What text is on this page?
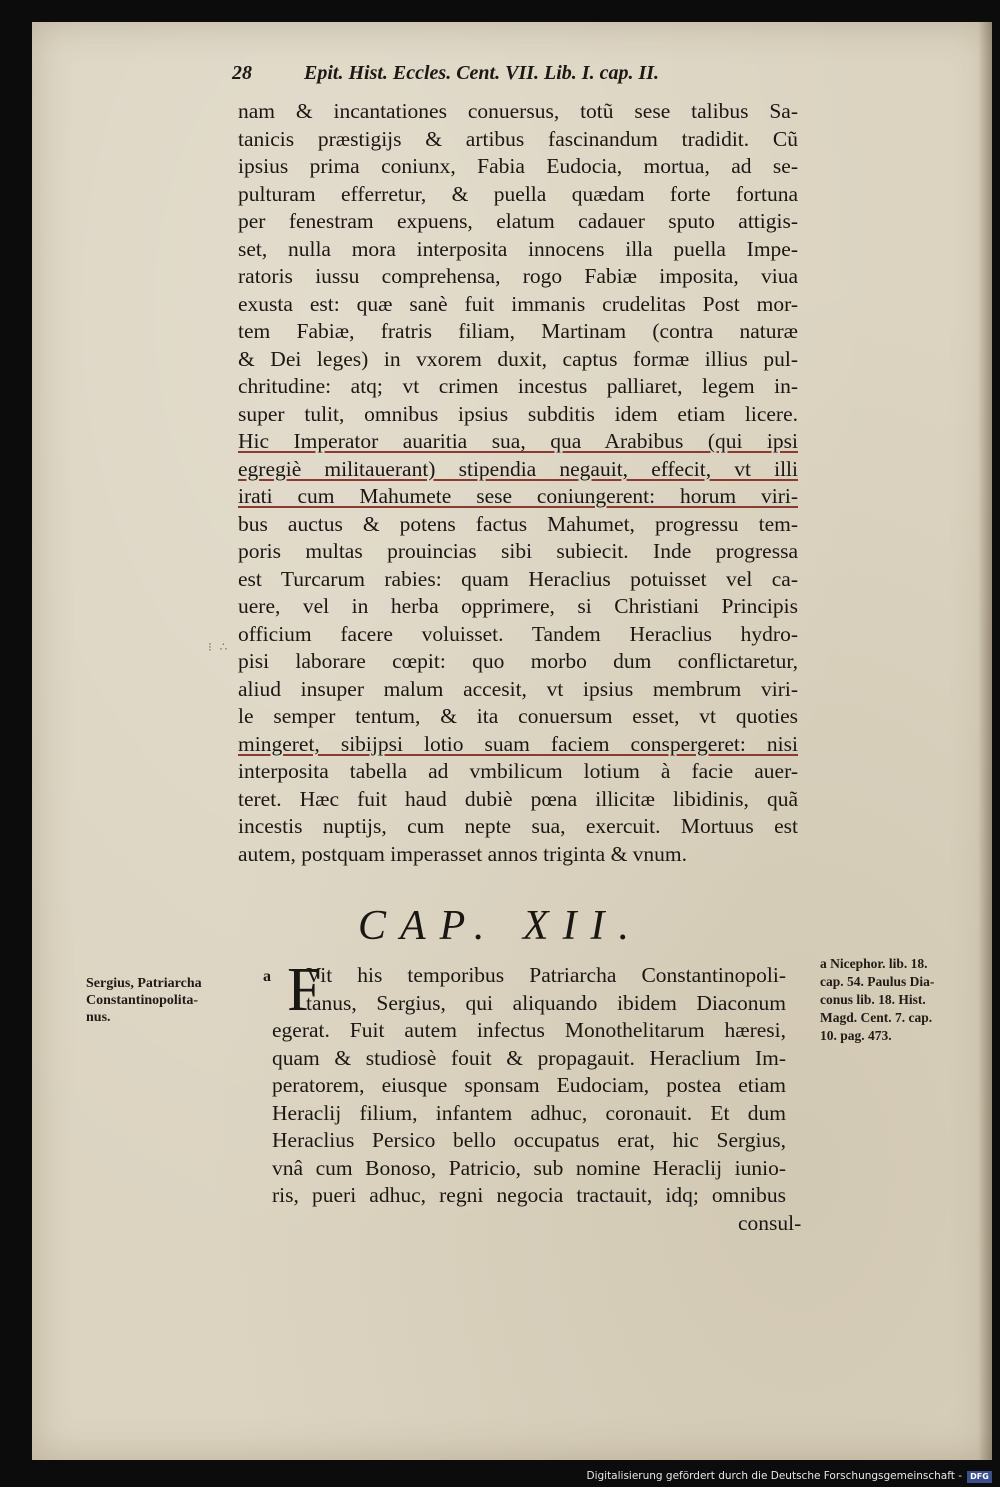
28	Epit. Hist. Eccles. Cent. VII. Lib. I. cap. II.
nam & incantationes conuersus, totũ sese talibus Sa-
tanicis præstigijs & artibus fascinandum tradidit. Cũ
ipsius prima coniunx, Fabia Eudocia, mortua, ad se-
pulturam efferretur, & puella quædam forte fortuna
per fenestram expuens, elatum cadauer sputo attigis-
set, nulla mora interposita innocens illa puella Impe-
ratoris iussu comprehensa, rogo Fabiæ imposita, viua
exusta est: quæ sanè fuit immanis crudelitas Post mor-
tem Fabiæ, fratris filiam, Martinam (contra naturæ
& Dei leges) in vxorem duxit, captus formæ illius pul-
chritudine: atq; vt crimen incestus palliaret, legem in-
super tulit, omnibus ipsius subditis idem etiam licere.
Hic Imperator auaritia sua, qua Arabibus (qui ipsi
egregiè militauerant) stipendia negauit, effecit, vt illi
irati cum Mahumete sese coniungerent: horum viri-
bus auctus & potens factus Mahumet, progressu tem-
poris multas prouincias sibi subiecit. Inde progressa
est Turcarum rabies: quam Heraclius potuisset vel ca-
uere, vel in herba opprimere, si Christiani Principis
officium facere voluisset. Tandem Heraclius hydro-
pisi laborare cœpit: quo morbo dum conflictaretur,
aliud insuper malum accesit, vt ipsius membrum viri-
le semper tentum, & ita conuersum esset, vt quoties
mingeret, sibijpsi lotio suam faciem conspergeret: nisi
interposita tabella ad vmbilicum lotium à facie auer-
teret. Hæc fuit haud dubiè pœna illicitæ libidinis, quã
incestis nuptijs, cum nepte sua, exercuit. Mortuus est
autem, postquam imperasset annos triginta & vnum.
⁝ ∴
CAP. XII.
Sergius, Patriarcha
Constantinopolita-
nus.
a F
Vit his temporibus Patriarcha Constantinopoli-
tanus, Sergius, qui aliquando ibidem Diaconum
egerat. Fuit autem infectus Monothelitarum hæresi,
quam & studiosè fouit & propagauit. Heraclium Im-
peratorem, eiusque sponsam Eudociam, postea etiam
Heraclij filium, infantem adhuc, coronauit. Et dum
Heraclius Persico bello occupatus erat, hic Sergius,
vnâ cum Bonoso, Patricio, sub nomine Heraclij iunio-
ris, pueri adhuc, regni negocia tractauit, idq; omnibus
consul-
a Nicephor. lib. 18.
cap. 54. Paulus Dia-
conus lib. 18. Hist.
Magd. Cent. 7. cap.
10. pag. 473.
Digitalisierung gefördert durch die Deutsche Forschungsgemeinschaft -	DFG
